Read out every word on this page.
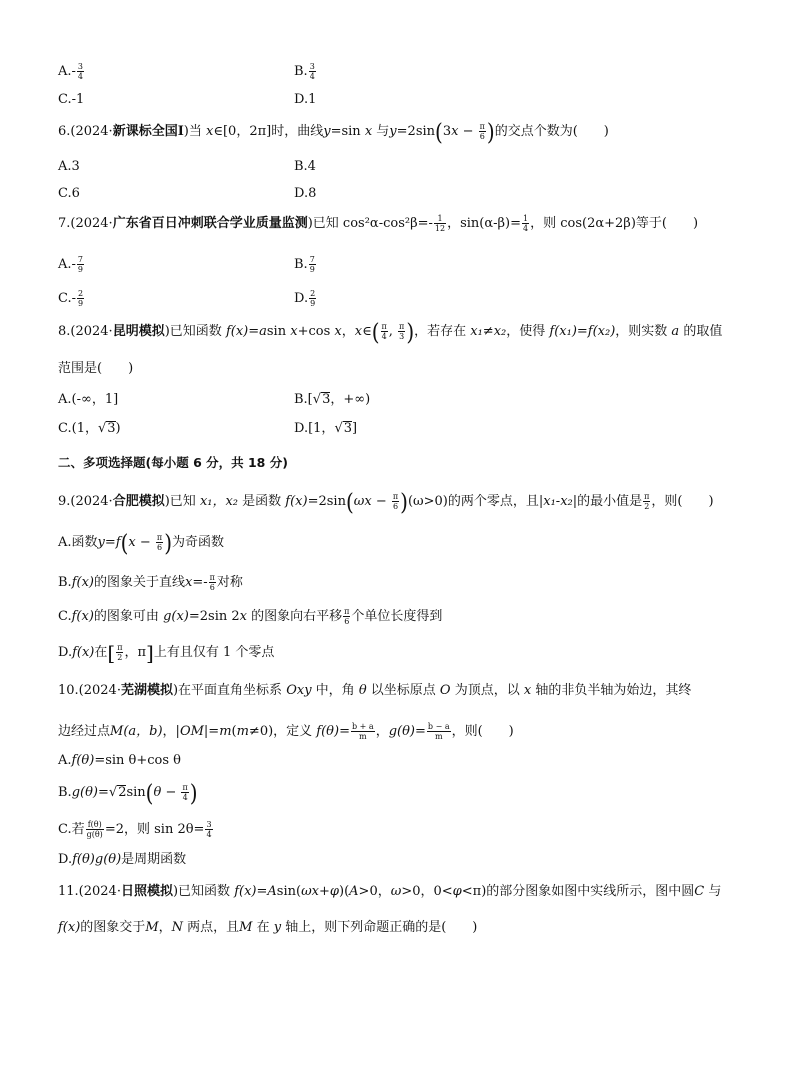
$A.- \frac{3}{4}$	B. $\frac{3}{4}$
C.-1	D.1
6.(2024·新课标全国Ⅰ)当 x∈[0，2π]时，曲线y=sin x 与$y=2\sin(3x - \frac{\pi}{6}$ )的交点个数为(　　)
A.3	B.4
C.6	D.8
7.(2024·广东省百日冲刺联合学业质量监测)已知 $\cos^2\alpha-\cos^2\beta=- \frac{1}{12}$ ，$\sin(\alpha-\beta)= \frac{1}{4}$ ，则 cos(2α+2β)等于(　　)
$A.- \frac{7}{9}$	B. $\frac{7}{9}$
$C.- \frac{2}{9}$	D. $\frac{2}{9}$
8.(2024·昆明模拟)已知函数 f(x)=asin x+cos x，x∈( $\frac{\pi}{4}$ , $\frac{\pi}{3}$ )，若存在 x₁≠x₂，使得 f(x₁)=f(x₂)，则实数 a 的取值
范围是(　　)
A.(-∞，1]	B.[√3，+∞)
C.(1，√3)	D.[1，√3]
二、多项选择题(每小题 6 分，共 18 分)
9.(2024·合肥模拟)已知 x₁，x₂ 是函数 $f(x)=2\sin(\omega x - \frac{\pi}{6} )(\omega>0)$的两个零点，且|x₁-x₂|的最小值是 $\frac{\pi}{2}$ ，则(　　)
A.函数$y=f(x - \frac{\pi}{6}$ )为奇函数
B.f(x)的图象关于直线$x=- \frac{\pi}{6}$ 对称
C.f(x)的图象可由 g(x)=2sin 2x 的图象向右平移 $\frac{\pi}{6}$ 个单位长度得到
D.f(x)在[ $\frac{\pi}{2}$ ，π]上有且仅有 1 个零点
10.(2024·芜湖模拟)在平面直角坐标系 Oxy 中，角 θ 以坐标原点 O 为顶点，以 x 轴的非负半轴为始边，其终
边经过点M(a，b)，|OM|=m(m≠0)，定义 $f(\theta)= \frac{b + a}{m}$ ，$g(\theta)= \frac{b - a}{m}$ ，则(　　)
A.f(θ)=sin θ+cos θ
$B.g(\theta)=√2\sin(\theta - \frac{\pi}{4}$ )
C.若 $\frac{f(\theta)}{g(\theta)} =2$，则 $\sin 2\theta= \frac{3}{4}$
D.f(θ)g(θ)是周期函数
11.(2024·日照模拟)已知函数 f(x)=Asin(ωx+φ)(A>0，ω>0，0<φ<π)的部分图象如图中实线所示，图中圆C 与
f(x)的图象交于M，N 两点，且M 在 y 轴上，则下列命题正确的是(　　)
